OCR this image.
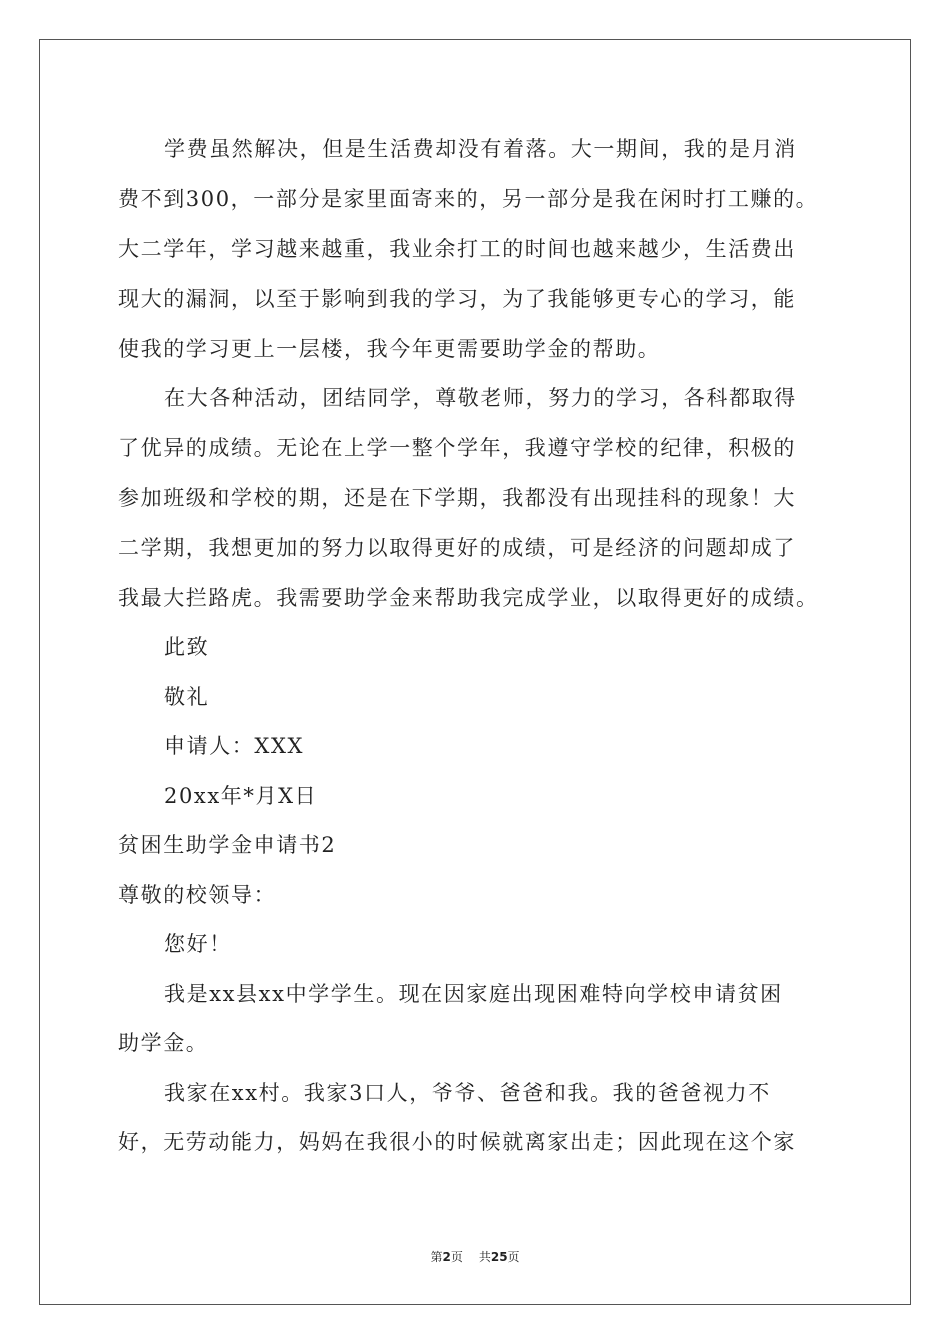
学费虽然解决，但是生活费却没有着落。大一期间，我的是月消
费不到300，一部分是家里面寄来的，另一部分是我在闲时打工赚的。
大二学年，学习越来越重，我业余打工的时间也越来越少，生活费出
现大的漏洞，以至于影响到我的学习，为了我能够更专心的学习，能
使我的学习更上一层楼，我今年更需要助学金的帮助。
在大各种活动，团结同学，尊敬老师，努力的学习，各科都取得
了优异的成绩。无论在上学一整个学年，我遵守学校的纪律，积极的
参加班级和学校的期，还是在下学期，我都没有出现挂科的现象！大
二学期，我想更加的努力以取得更好的成绩，可是经济的问题却成了
我最大拦路虎。我需要助学金来帮助我完成学业，以取得更好的成绩。
此致
敬礼
申请人：XXX
20xx年*月X日
贫困生助学金申请书2
尊敬的校领导：
您好！
我是xx县xx中学学生。现在因家庭出现困难特向学校申请贫困
助学金。
我家在xx村。我家3口人，爷爷、爸爸和我。我的爸爸视力不
好，无劳动能力，妈妈在我很小的时候就离家出走；因此现在这个家
第2页 共25页
